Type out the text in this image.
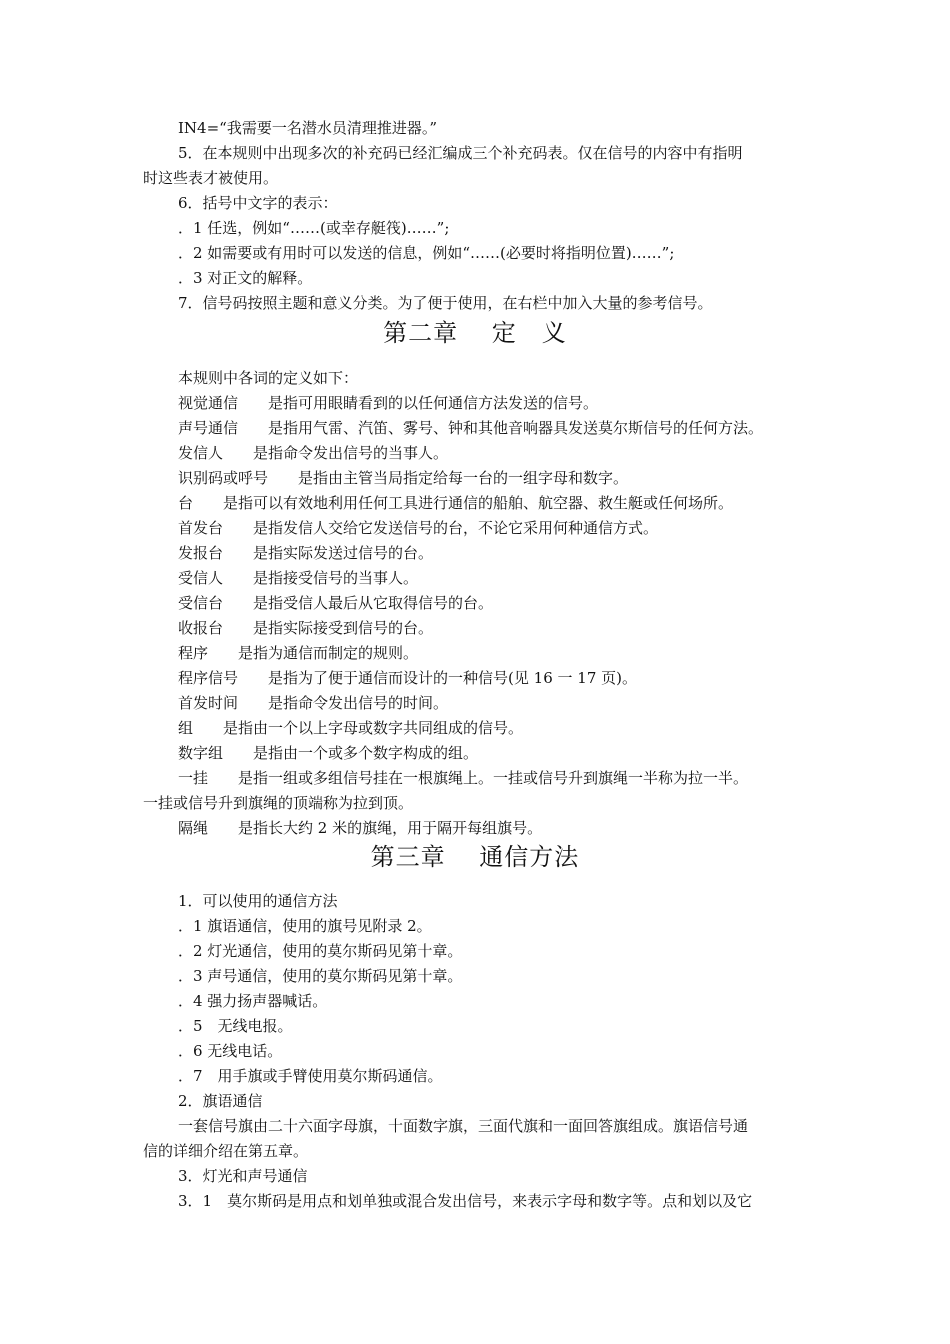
IN4=“我需要一名潜水员清理推进器。”
5．在本规则中出现多次的补充码已经汇编成三个补充码表。仅在信号的内容中有指明
时这些表才被使用。
6．括号中文字的表示：
．1 任选，例如“……(或幸存艇筏)……”;
．2 如需要或有用时可以发送的信息，例如“……(必要时将指明位置)……”;
．3 对正文的解释。
7．信号码按照主题和意义分类。为了便于使用，在右栏中加入大量的参考信号。
第二章　 定　义
本规则中各词的定义如下：
视觉通信　　 是指可用眼睛看到的以任何通信方法发送的信号。
声号通信　　 是指用气雷、汽笛、雾号、钟和其他音响器具发送莫尔斯信号的任何方法。
发信人　　 是指命令发出信号的当事人。
识别码或呼号　　 是指由主管当局指定给每一台的一组字母和数字。
台　　 是指可以有效地利用任何工具进行通信的船舶、航空器、救生艇或任何场所。
首发台　　 是指发信人交给它发送信号的台，不论它采用何种通信方式。
发报台　　 是指实际发送过信号的台。
受信人　　 是指接受信号的当事人。
受信台　　 是指受信人最后从它取得信号的台。
收报台　　 是指实际接受到信号的台。
程序　　 是指为通信而制定的规则。
程序信号　　 是指为了便于通信而设计的一种信号(见 16 一 17 页)。
首发时间　　 是指命令发出信号的时间。
组　　 是指由一个以上字母或数字共同组成的信号。
数字组　　 是指由一个或多个数字构成的组。
一挂　　 是指一组或多组信号挂在一根旗绳上。一挂或信号升到旗绳一半称为拉一半。
一挂或信号升到旗绳的顶端称为拉到顶。
隔绳　　 是指长大约 2 米的旗绳，用于隔开每组旗号。
第三章　 通信方法
1．可以使用的通信方法
．1 旗语通信，使用的旗号见附录 2。
．2 灯光通信，使用的莫尔斯码见第十章。
．3 声号通信，使用的莫尔斯码见第十章。
．4 强力扬声器喊话。
．5　无线电报。
．6 无线电话。
．7　用手旗或手臂使用莫尔斯码通信。
2．旗语通信
一套信号旗由二十六面字母旗，十面数字旗，三面代旗和一面回答旗组成。旗语信号通
信的详细介绍在第五章。
3．灯光和声号通信
3．1　莫尔斯码是用点和划单独或混合发出信号，来表示字母和数字等。点和划以及它
